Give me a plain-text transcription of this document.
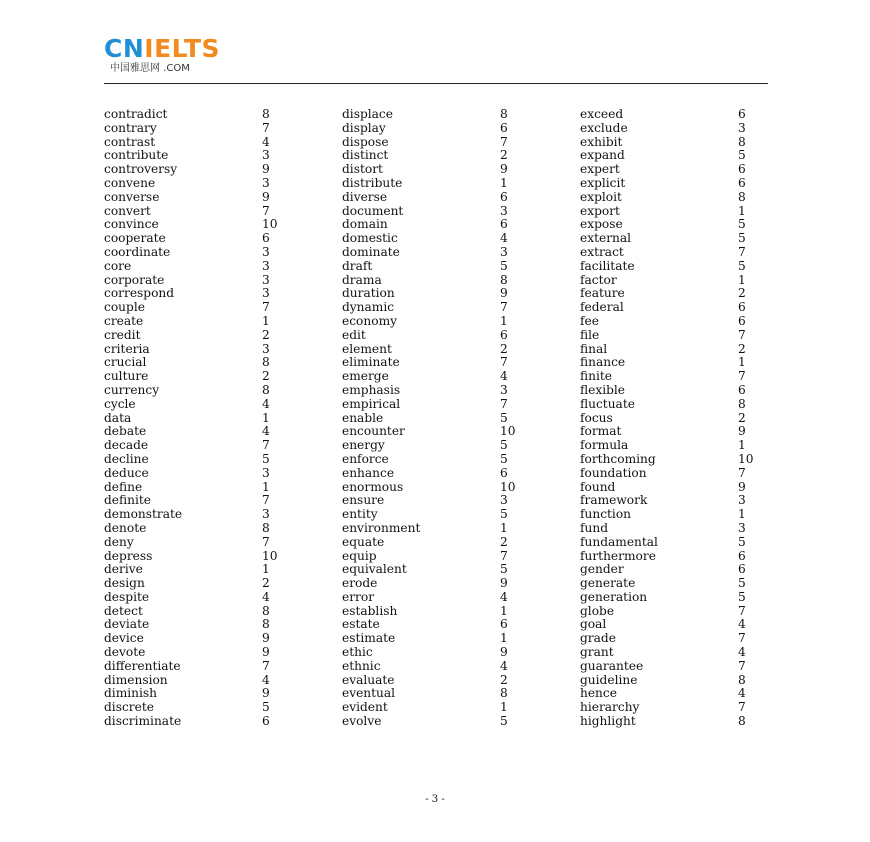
CNIELTS
中国雅思网 .COM
contradict	8
contrary	7
contrast	4
contribute	3
controversy	9
convene	3
converse	9
convert	7
convince	10
cooperate	6
coordinate	3
core	3
corporate	3
correspond	3
couple	7
create	1
credit	2
criteria	3
crucial	8
culture	2
currency	8
cycle	4
data	1
debate	4
decade	7
decline	5
deduce	3
define	1
definite	7
demonstrate	3
denote	8
deny	7
depress	10
derive	1
design	2
despite	4
detect	8
deviate	8
device	9
devote	9
differentiate	7
dimension	4
diminish	9
discrete	5
discriminate	6
displace	8
display	6
dispose	7
distinct	2
distort	9
distribute	1
diverse	6
document	3
domain	6
domestic	4
dominate	3
draft	5
drama	8
duration	9
dynamic	7
economy	1
edit	6
element	2
eliminate	7
emerge	4
emphasis	3
empirical	7
enable	5
encounter	10
energy	5
enforce	5
enhance	6
enormous	10
ensure	3
entity	5
environment	1
equate	2
equip	7
equivalent	5
erode	9
error	4
establish	1
estate	6
estimate	1
ethic	9
ethnic	4
evaluate	2
eventual	8
evident	1
evolve	5
exceed	6
exclude	3
exhibit	8
expand	5
expert	6
explicit	6
exploit	8
export	1
expose	5
external	5
extract	7
facilitate	5
factor	1
feature	2
federal	6
fee	6
file	7
final	2
finance	1
finite	7
flexible	6
fluctuate	8
focus	2
format	9
formula	1
forthcoming	10
foundation	7
found	9
framework	3
function	1
fund	3
fundamental	5
furthermore	6
gender	6
generate	5
generation	5
globe	7
goal	4
grade	7
grant	4
guarantee	7
guideline	8
hence	4
hierarchy	7
highlight	8
- 3 -
